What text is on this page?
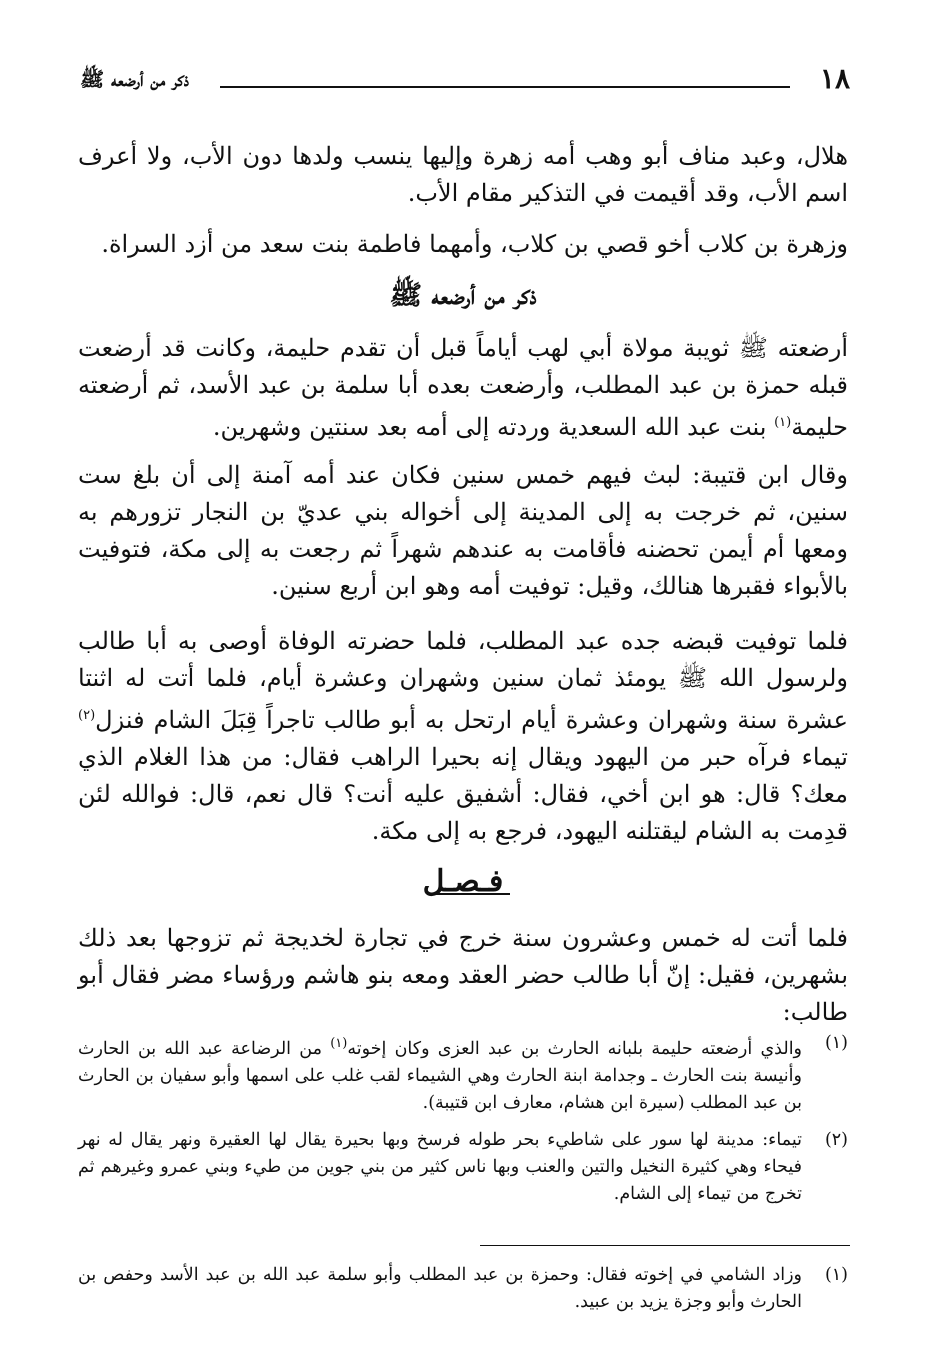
١٨
ذكر من أرضعه ﷺ

هلال، وعبد مناف أبو وهب أمه زهرة وإليها ينسب ولدها دون الأب، ولا أعرف اسم الأب، وقد أقيمت في التذكير مقام الأب.

وزهرة بن كلاب أخو قصي بن كلاب، وأمهما فاطمة بنت سعد من أزد السراة.

ذكر من أرضعه ﷺ

أرضعته ﷺ ثويبة مولاة أبي لهب أياماً قبل أن تقدم حليمة، وكانت قد أرضعت قبله حمزة بن عبد المطلب، وأرضعت بعده أبا سلمة بن عبد الأسد، ثم أرضعته حليمة$^{(١)}$ بنت عبد الله السعدية وردته إلى أمه بعد سنتين وشهرين.

وقال ابن قتيبة: لبث فيهم خمس سنين فكان عند أمه آمنة إلى أن بلغ ست سنين، ثم خرجت به إلى المدينة إلى أخواله بني عديّ بن النجار تزورهم به ومعها أم أيمن تحضنه فأقامت به عندهم شهراً ثم رجعت به إلى مكة، فتوفيت بالأبواء فقبرها هنالك، وقيل: توفيت أمه وهو ابن أربع سنين.

فلما توفيت قبضه جده عبد المطلب، فلما حضرته الوفاة أوصى به أبا طالب ولرسول الله ﷺ يومئذ ثمان سنين وشهران وعشرة أيام، فلما أتت له اثنتا عشرة سنة وشهران وعشرة أيام ارتحل به أبو طالب تاجراً قِبَلَ الشام فنزل$^{(٢)}$ تيماء فرآه حبر من اليهود ويقال إنه بحيرا الراهب فقال: من هذا الغلام الذي معك؟ قال: هو ابن أخي، فقال: أشفيق عليه أنت؟ قال نعم، قال: فوالله لئن قدِمت به الشام ليقتلنه اليهود، فرجع به إلى مكة.

فـصـل

فلما أتت له خمس وعشرون سنة خرج في تجارة لخديجة ثم تزوجها بعد ذلك بشهرين، فقيل: إنّ أبا طالب حضر العقد ومعه بنو هاشم ورؤساء مضر فقال أبو طالب:

(١)
والذي أرضعته حليمة بلبانه الحارث بن عبد العزى وكان إخوته$^{(١)}$ من الرضاعة عبد الله بن الحارث وأنيسة بنت الحارث ـ وجدامة ابنة الحارث وهي الشيماء لقب غلب على اسمها وأبو سفيان بن الحارث بن عبد المطلب (سيرة ابن هشام، معارف ابن قتيبة).
(٢)
تيماء: مدينة لها سور على شاطيء بحر طوله فرسخ وبها بحيرة يقال لها العقيرة ونهر يقال له نهر فيحاء وهي كثيرة النخيل والتين والعنب وبها ناس كثير من بني جوين من طيء وبني عمرو وغيرهم ثم تخرج من تيماء إلى الشام.
(١)
وزاد الشامي في إخوته فقال: وحمزة بن عبد المطلب وأبو سلمة عبد الله بن عبد الأسد وحفص بن الحارث وأبو وجزة يزيد بن عبيد.
